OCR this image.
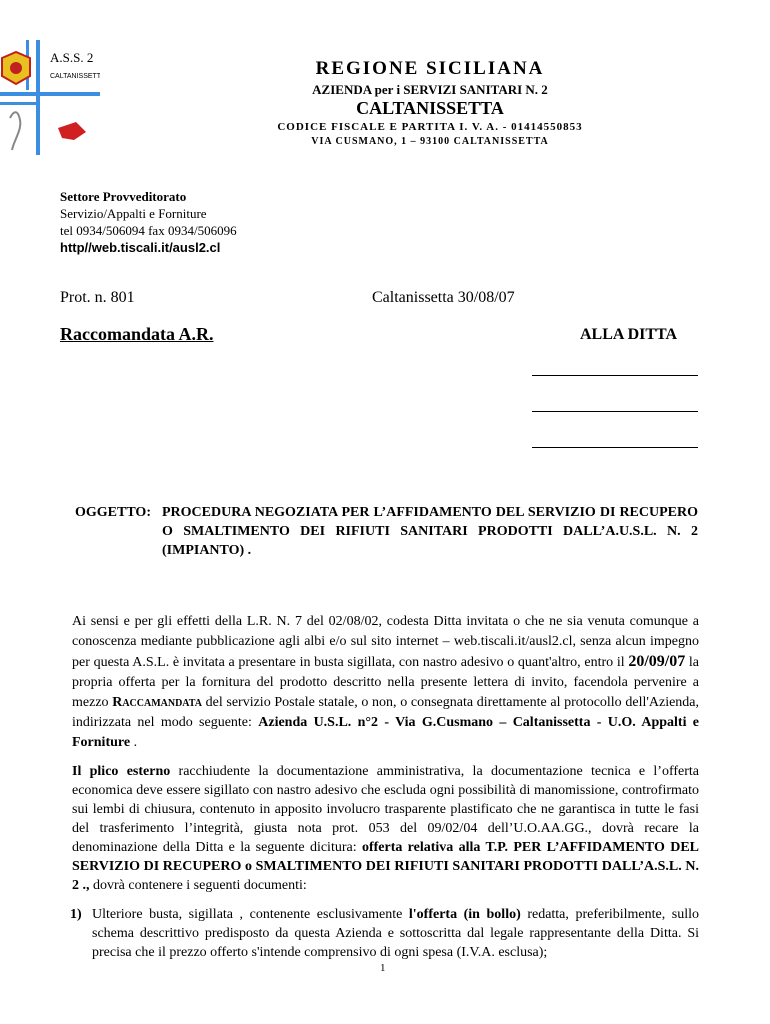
A.S.S. 2
CALTANISSETTA	REGIONE SICILIANA
AZIENDA per i SERVIZI SANITARI N. 2
CALTANISSETTA
CODICE FISCALE E PARTITA I. V. A. - 01414550853
VIA CUSMANO, 1 – 93100 CALTANISSETTA
Settore Provveditorato
Servizio/Appalti e Forniture
tel 0934/506094 fax 0934/506096
http//web.tiscali.it/ausl2.cl
Prot. n. 801	Caltanissetta 30/08/07
Raccomandata A.R.	ALLA DITTA
OGGETTO: PROCEDURA NEGOZIATA PER L’AFFIDAMENTO DEL SERVIZIO DI RECUPERO O SMALTIMENTO DEI RIFIUTI SANITARI PRODOTTI DALL’A.U.S.L. N. 2 (IMPIANTO) .
Ai sensi e per gli effetti della L.R. N. 7 del 02/08/02, codesta Ditta invitata o che ne sia venuta comunque a conoscenza mediante pubblicazione agli albi e/o sul sito internet – web.tiscali.it/ausl2.cl, senza alcun impegno per questa A.S.L. è invitata a presentare in busta sigillata, con nastro adesivo o quant'altro, entro il 20/09/07 la propria offerta per la fornitura del prodotto descritto nella presente lettera di invito, facendola pervenire a mezzo Raccamandata del servizio Postale statale, o non, o consegnata direttamente al protocollo dell'Azienda, indirizzata nel modo seguente: Azienda U.S.L. n°2 - Via G.Cusmano – Caltanissetta - U.O. Appalti e Forniture .
Il plico esterno racchiudente la documentazione amministrativa, la documentazione tecnica e l’offerta economica deve essere sigillato con nastro adesivo che escluda ogni possibilità di manomissione, controfirmato sui lembi di chiusura, contenuto in apposito involucro trasparente plastificato che ne garantisca in tutte le fasi del trasferimento l’integrità, giusta nota prot. 053 del 09/02/04 dell’U.O.AA.GG., dovrà recare la denominazione della Ditta e la seguente dicitura: offerta relativa alla T.P. PER L’AFFIDAMENTO DEL SERVIZIO DI RECUPERO o SMALTIMENTO DEI RIFIUTI SANITARI PRODOTTI DALL’A.S.L. N. 2 ., dovrà contenere i seguenti documenti:
1) Ulteriore busta, sigillata , contenente esclusivamente l'offerta (in bollo) redatta, preferibilmente, sullo schema descrittivo predisposto da questa Azienda e sottoscritta dal legale rappresentante della Ditta. Si precisa che il prezzo offerto s'intende comprensivo di ogni spesa (I.V.A. esclusa);
1
